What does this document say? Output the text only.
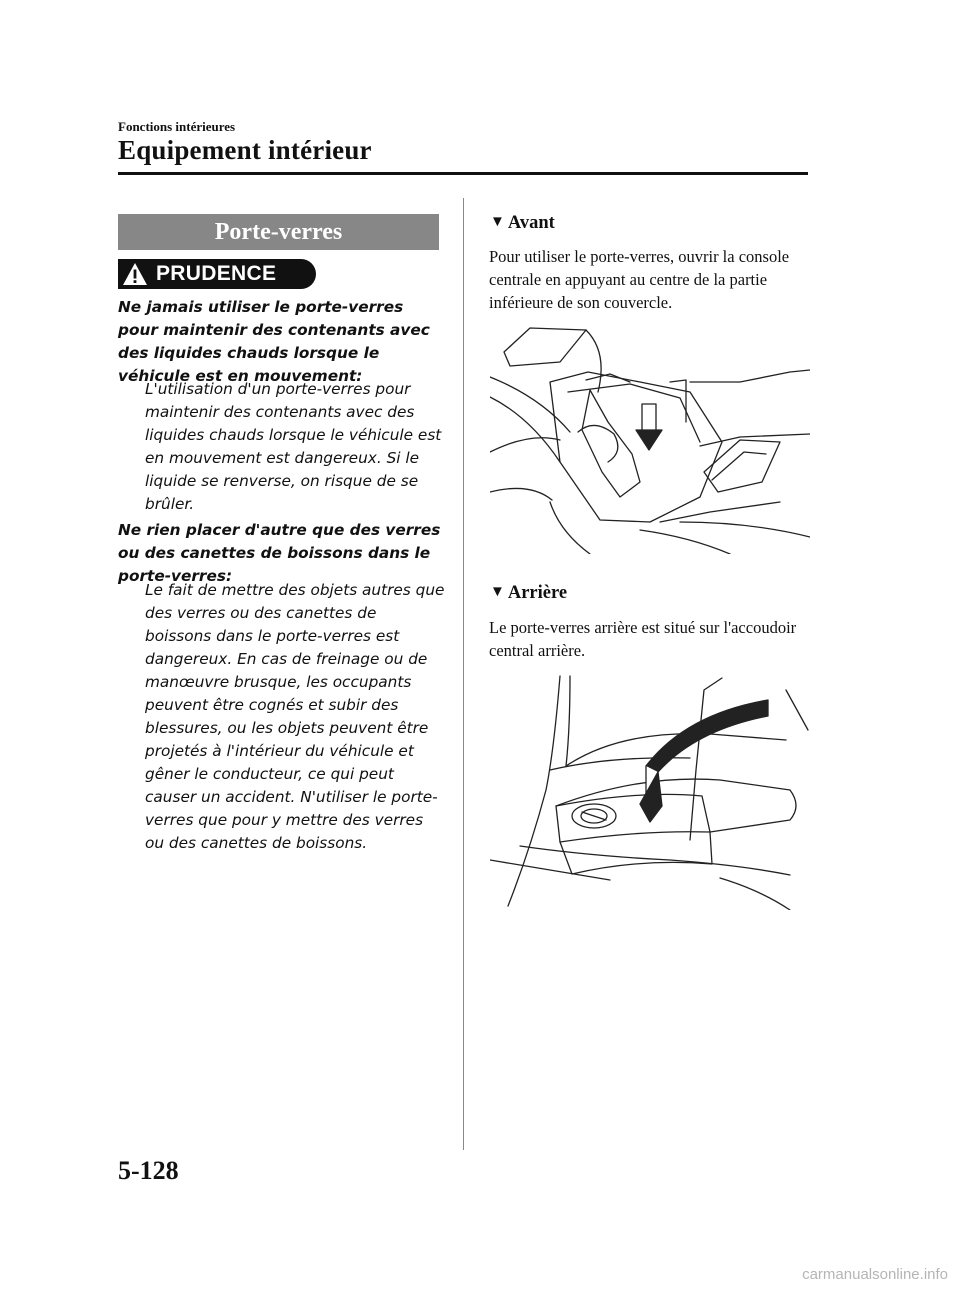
Fonctions intérieures
Equipement intérieur
Porte-verres
PRUDENCE
Ne jamais utiliser le porte-verres pour maintenir des contenants avec des liquides chauds lorsque le véhicule est en mouvement:
L'utilisation d'un porte-verres pour maintenir des contenants avec des liquides chauds lorsque le véhicule est en mouvement est dangereux. Si le liquide se renverse, on risque de se brûler.
Ne rien placer d'autre que des verres ou des canettes de boissons dans le porte-verres:
Le fait de mettre des objets autres que des verres ou des canettes de boissons dans le porte-verres est dangereux. En cas de freinage ou de manœuvre brusque, les occupants peuvent être cognés et subir des blessures, ou les objets peuvent être projetés à l'intérieur du véhicule et gêner le conducteur, ce qui peut causer un accident. N'utiliser le porte-verres que pour y mettre des verres ou des canettes de boissons.
▼ Avant
Pour utiliser le porte-verres, ouvrir la console centrale en appuyant au centre de la partie inférieure de son couvercle.
▼ Arrière
Le porte-verres arrière est situé sur l'accoudoir central arrière.
5-128
carmanualsonline.info
